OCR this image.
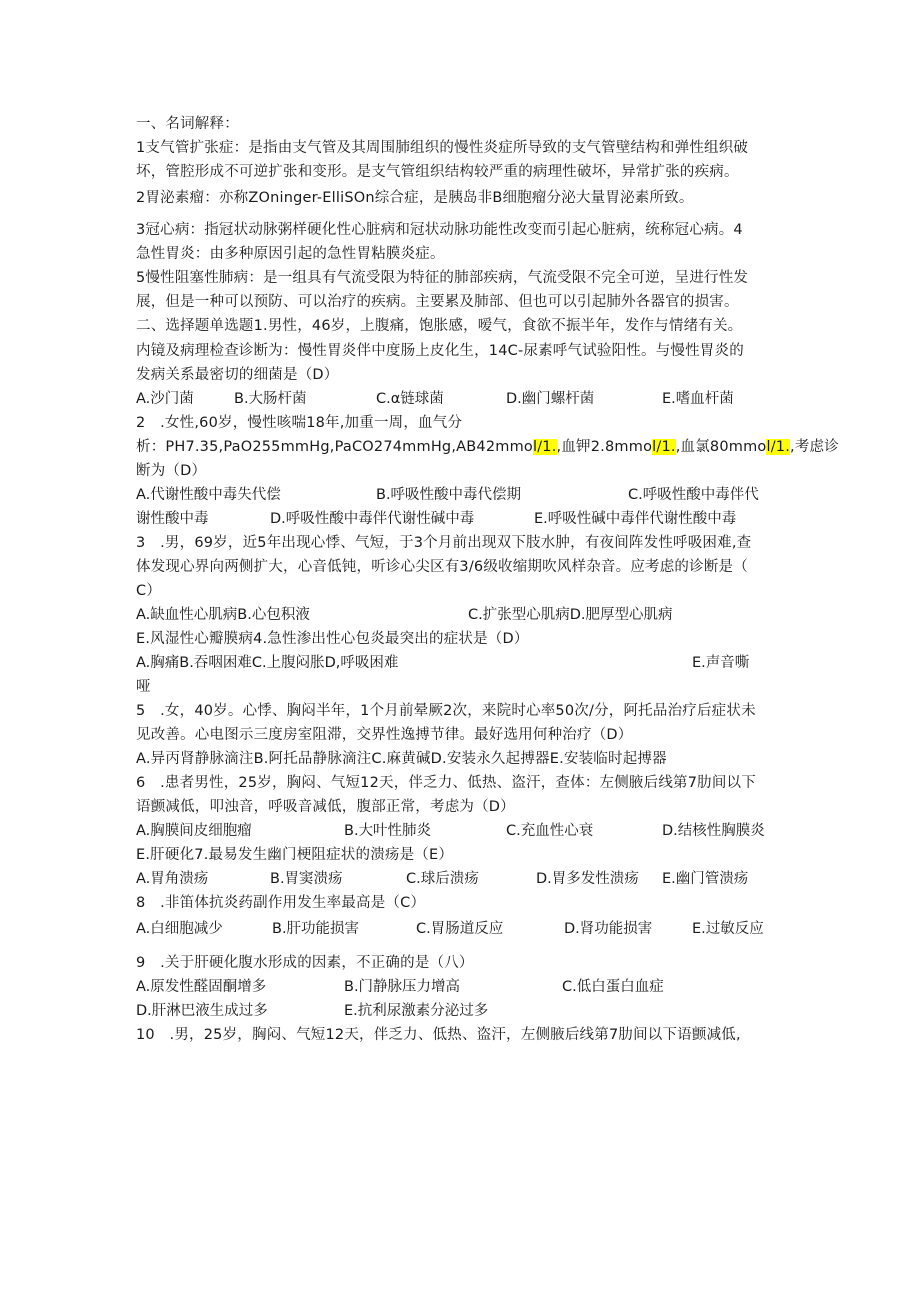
一、名词解释：
1支气管扩张症：是指由支气管及其周围肺组织的慢性炎症所导致的支气管壁结构和弹性组织破
坏，管腔形成不可逆扩张和变形。是支气管组织结构较严重的病理性破坏，异常扩张的疾病。
2胃泌素瘤：亦称ZOninger-ElliSOn综合症，是胰岛非B细胞瘤分泌大量胃泌素所致。
3冠心病：指冠状动脉粥样硬化性心脏病和冠状动脉功能性改变而引起心脏病，统称冠心病。4
急性胃炎：由多种原因引起的急性胃粘膜炎症。
5慢性阻塞性肺病：是一组具有气流受限为特征的肺部疾病，气流受限不完全可逆，呈进行性发
展，但是一种可以预防、可以治疗的疾病。主要累及肺部、但也可以引起肺外各器官的损害。
二、选择题单选题1.男性，46岁，上腹痛，饱胀感，嗳气，食欲不振半年，发作与情绪有关。
内镜及病理检查诊断为：慢性胃炎伴中度肠上皮化生，14C-尿素呼气试验阳性。与慢性胃炎的
发病关系最密切的细菌是（D）
A.沙门菌	B.大肠杆菌	C.α链球菌	D.幽门螺杆菌	E.嗜血杆菌
2　.女性,60岁，慢性咳喘18年,加重一周，血气分
析：PH7.35,PaO255mmHg,PaCO274mmHg,AB42mmol/1.,血钾2.8mmol/1.,血氯80mmol/1.,考虑诊
断为（D）
A.代谢性酸中毒失代偿	B.呼吸性酸中毒代偿期	C.呼吸性酸中毒伴代
谢性酸中毒	D.呼吸性酸中毒伴代谢性碱中毒	E.呼吸性碱中毒伴代谢性酸中毒
3　.男，69岁，近5年出现心悸、气短，于3个月前出现双下肢水肿，有夜间阵发性呼吸困难,查
体发现心界向两侧扩大，心音低钝，听诊心尖区有3/6级收缩期吹风样杂音。应考虑的诊断是（
C）
A.缺血性心肌病B.心包积液	C.扩张型心肌病D.肥厚型心肌病
E.风湿性心瓣膜病4.急性渗出性心包炎最突出的症状是（D）
A.胸痛B.吞咽困难C.上腹闷胀D,呼吸困难	E.声音嘶
哑
5　.女，40岁。心悸、胸闷半年，1个月前晕厥2次，来院时心率50次/分，阿托品治疗后症状未
见改善。心电图示三度房室阻滞，交界性逸搏节律。最好选用何种治疗（D）
A.异丙肾静脉滴注B.阿托品静脉滴注C.麻黄碱D.安装永久起搏器E.安装临时起搏器
6　.患者男性，25岁，胸闷、气短12天，伴乏力、低热、盗汗，查体：左侧腋后线第7肋间以下
语颤减低，叩浊音，呼吸音减低，腹部正常，考虑为（D）
A.胸膜间皮细胞瘤	B.大叶性肺炎	C.充血性心衰	D.结核性胸膜炎
E.肝硬化7.最易发生幽门梗阻症状的溃疡是（E）
A.胃角溃疡	B.胃窦溃疡	C.球后溃疡	D.胃多发性溃疡 E.幽门管溃疡
8　.非笛体抗炎药副作用发生率最高是（C）
A.白细胞减少	B.肝功能损害	C.胃肠道反应	D.肾功能损害	E.过敏反应
9　.关于肝硬化腹水形成的因素，不正确的是（八）
A.原发性醛固酮增多	B.门静脉压力增高	C.低白蛋白血症
D.肝淋巴液生成过多	E.抗利尿激素分泌过多
10　.男，25岁，胸闷、气短12天，伴乏力、低热、盗汗，左侧腋后线第7肋间以下语颤减低,
